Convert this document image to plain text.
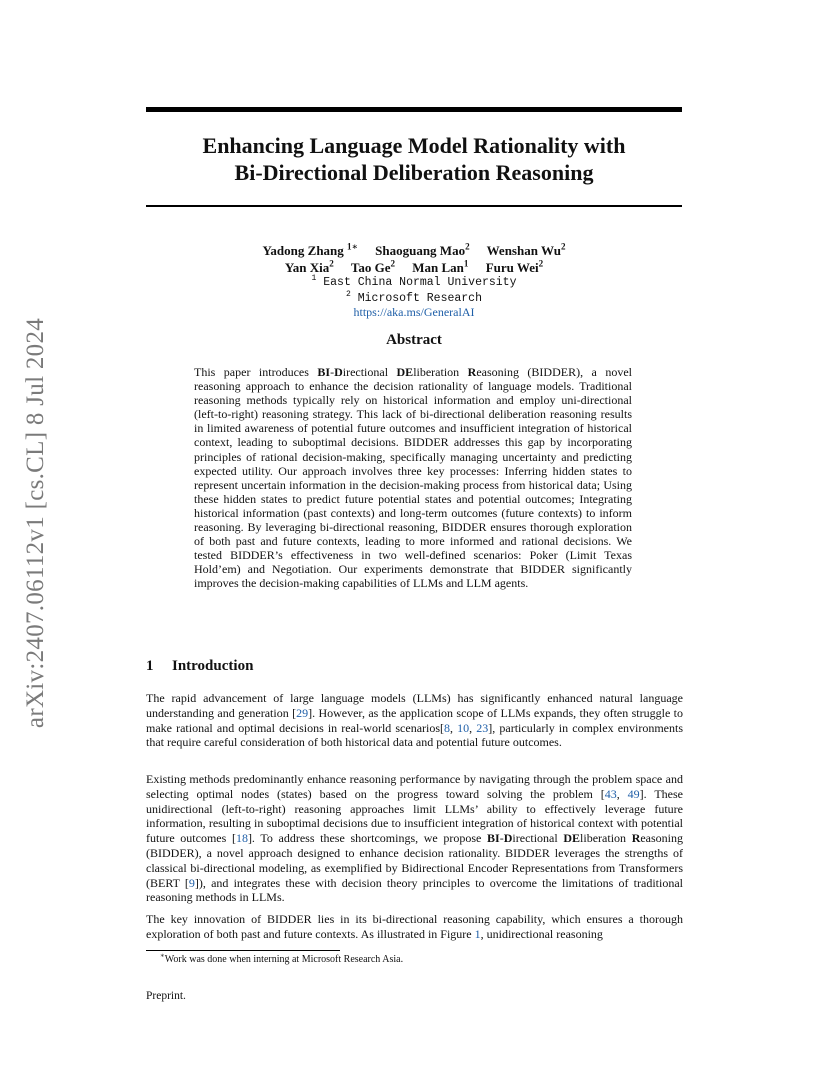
arXiv:2407.06112v1 [cs.CL] 8 Jul 2024
Enhancing Language Model Rationality with
Bi-Directional Deliberation Reasoning
Yadong Zhang $^{1∗}$ Shaoguang Mao$^2$ Wenshan Wu$^2$
Yan Xia$^2$ Tao Ge$^2$ Man Lan$^1$ Furu Wei$^2$
$^1$ East China Normal University
$^2$ Microsoft Research
https://aka.ms/GeneralAI
Abstract
This paper introduces BI-Directional DEliberation Reasoning (BIDDER), a novel reasoning approach to enhance the decision rationality of language models. Traditional reasoning methods typically rely on historical information and employ uni-directional (left-to-right) reasoning strategy. This lack of bi-directional deliberation reasoning results in limited awareness of potential future outcomes and insufficient integration of historical context, leading to suboptimal decisions. BIDDER addresses this gap by incorporating principles of rational decision-making, specifically managing uncertainty and predicting expected utility. Our approach involves three key processes: Inferring hidden states to represent uncertain information in the decision-making process from historical data; Using these hidden states to predict future potential states and potential outcomes; Integrating historical information (past contexts) and long-term outcomes (future contexts) to inform reasoning. By leveraging bi-directional reasoning, BIDDER ensures thorough exploration of both past and future contexts, leading to more informed and rational decisions. We tested BIDDER’s effectiveness in two well-defined scenarios: Poker (Limit Texas Hold’em) and Negotiation. Our experiments demonstrate that BIDDER significantly improves the decision-making capabilities of LLMs and LLM agents.
1 Introduction
The rapid advancement of large language models (LLMs) has significantly enhanced natural language understanding and generation [29]. However, as the application scope of LLMs expands, they often struggle to make rational and optimal decisions in real-world scenarios[8, 10, 23], particularly in complex environments that require careful consideration of both historical data and potential future outcomes.
Existing methods predominantly enhance reasoning performance by navigating through the problem space and selecting optimal nodes (states) based on the progress toward solving the problem [43, 49]. These unidirectional (left-to-right) reasoning approaches limit LLMs’ ability to effectively leverage future information, resulting in suboptimal decisions due to insufficient integration of historical context with potential future outcomes [18]. To address these shortcomings, we propose BI-Directional DEliberation Reasoning (BIDDER), a novel approach designed to enhance decision rationality. BIDDER leverages the strengths of classical bi-directional modeling, as exemplified by Bidirectional Encoder Representations from Transformers (BERT [9]), and integrates these with decision theory principles to overcome the limitations of traditional reasoning methods in LLMs.
The key innovation of BIDDER lies in its bi-directional reasoning capability, which ensures a thorough exploration of both past and future contexts. As illustrated in Figure 1, unidirectional reasoning
∗Work was done when interning at Microsoft Research Asia.
Preprint.
